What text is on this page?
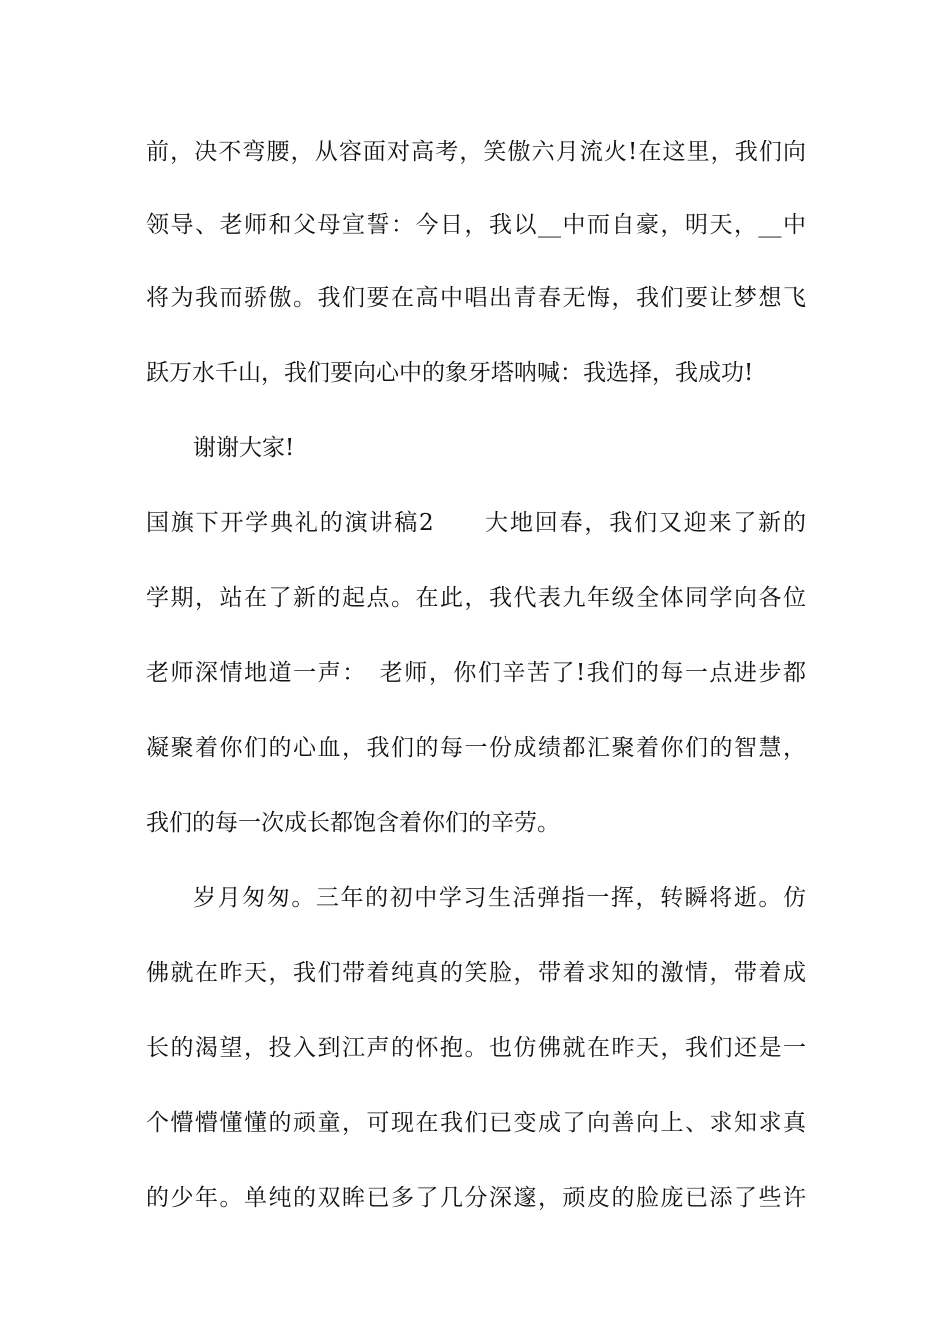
前，决不弯腰，从容面对高考，笑傲六月流火!在这里，我们向
领导、老师和父母宣誓：今日，我以__中而自豪，明天，__中
将为我而骄傲。我们要在高中唱出青春无悔，我们要让梦想飞
跃万水千山，我们要向心中的象牙塔呐喊：我选择，我成功!
谢谢大家!
国旗下开学典礼的演讲稿2　　大地回春，我们又迎来了新的
学期，站在了新的起点。在此，我代表九年级全体同学向各位
老师深情地道一声：　老师，你们辛苦了!我们的每一点进步都
凝聚着你们的心血，我们的每一份成绩都汇聚着你们的智慧，
我们的每一次成长都饱含着你们的辛劳。
岁月匆匆。三年的初中学习生活弹指一挥，转瞬将逝。仿
佛就在昨天，我们带着纯真的笑脸，带着求知的激情，带着成
长的渴望，投入到江声的怀抱。也仿佛就在昨天，我们还是一
个懵懵懂懂的顽童，可现在我们已变成了向善向上、求知求真
的少年。单纯的双眸已多了几分深邃，顽皮的脸庞已添了些许
